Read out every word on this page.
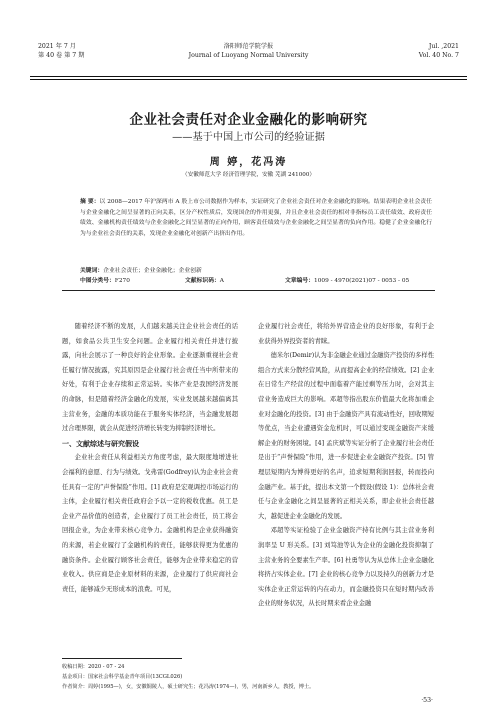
2021 年 7 月
第 40 卷 第 7 期
洛阳师范学院学报
Journal of Luoyang Normal University
Jul. ,2021
Vol. 40 No. 7
企业社会责任对企业金融化的影响研究
——基于中国上市公司的经验证据
周 婷，花冯涛
（安徽师范大学 经济管理学院，安徽 芜湖 241000）
摘 要：以 2008—2017 年沪深两市 A 股上市公司数据作为样本，实证研究了企业社会责任对企业金融化的影响。结果表明企业社会责任与企业金融化之间呈显著的正向关系，区分产权性质后，发现国企的作用更强，并且企业社会责任的相对非指标员工责任绩效、政府责任绩效、金融机构责任绩效与企业金融化之间呈显著的正向作用，顾客责任绩效与企业金融化之间呈显著的负向作用。稳健了企业金融化行为与企业社会责任的关系，发现企业金融化对创新产出挤出作用。
关键词：企业社会责任；企业金融化；企业创新
中图分类号： F270	文献标识码： A	文章编号： 1009 - 4970(2021)07 - 0053 - 05

随着经济不断的发展，人们越来越关注企业社会责任的话题，如食品公共卫生安全问题。企业履行相关责任并进行披露，向社会展示了一种良好的企业形象。企业逐渐重视社会责任履行情况披露，究其原因是企业履行社会责任当中所带来的好处，有利于企业存续和正常运转。实体产业是我国经济发展的命脉，但是随着经济金融化的发展，实业发展越来越偏离其主营业务，金融的本质功能在于服务实体经济，当金融发展超过合理界限，就会从促进经济增长转变为抑制经济增长。

一、文献综述与研究假设

企业社会责任从利益相关方角度考虑，最大限度地增进社会福利的意愿、行为与绩效。戈弗雷(Godfrey)认为企业社会责任具有一定的“声誉保险”作用。[1] 政府是宏观调控市场运行的主体，企业履行相关责任政府会予以一定的税收优惠。员工是企业产品价值的创造者，企业履行了员工社会责任，员工将会回报企业，为企业带来核心竞争力。金融机构是企业获得融资的来源，若企业履行了金融机构的责任，能够获得更为优惠的融资条件。企业履行顾客社会责任，能够为企业带来稳定的营业收入。供应商是企业原材料的来源，企业履行了供应商社会责任，能够减少无形成本的浪费。可见，

企业履行社会责任，将给外界营造企业的良好形象，有利于企业获得外界投资者的青睐。

德米尔(Demir)认为非金融企业通过金融资产投资的多样性组合方式来分散经营风险，从而提高企业的经营绩效。[2] 企业在日常生产经营的过程中面临着产能过剩等压力时，会对其主营业务造成巨大的影响。邓超等指出股东价值最大化将加重企业对金融化的投资。[3] 由于金融资产具有流动性好，回收期短等优点，当企业遭遇资金危机时，可以通过变现金融资产来缓解企业的财务困境。[4] 孟庆斌等实证分析了企业履行社会责任是出于“声誉保险”作用，进一步促进企业金融资产投资。[5] 管理层短期内为博得更好的名声，追求短期利润回报，转而投向金融产业。基于此，提出本文第一个假设(假设 1)：总体社会责任与企业金融化之间呈显著的正相关关系，即企业社会责任越大，越促进企业金融化的发展。

邓超等实证检验了企业金融资产持有比例与其主营业务利润率呈 U 形关系。[3] 刘笃池等认为企业的金融化投资抑制了主营业务的全要素生产率。[6] 杜勇等认为从总体上企业金融化将挤占实体企业。[7] 企业的核心竞争力以及持久的创新力才是实体企业正常运转的内在动力，而金融投资只在短时期内改善企业的财务状况，从长时期来看企业金融

收稿日期：2020 - 07 - 24
基金项目：国家社会科学基金青年项目(13CGL026)
作者简介：周婷(1995—)，女，安徽铜陵人，硕士研究生；花冯涛(1974—)，男，河南新乡人，教授，博士。
·53·
